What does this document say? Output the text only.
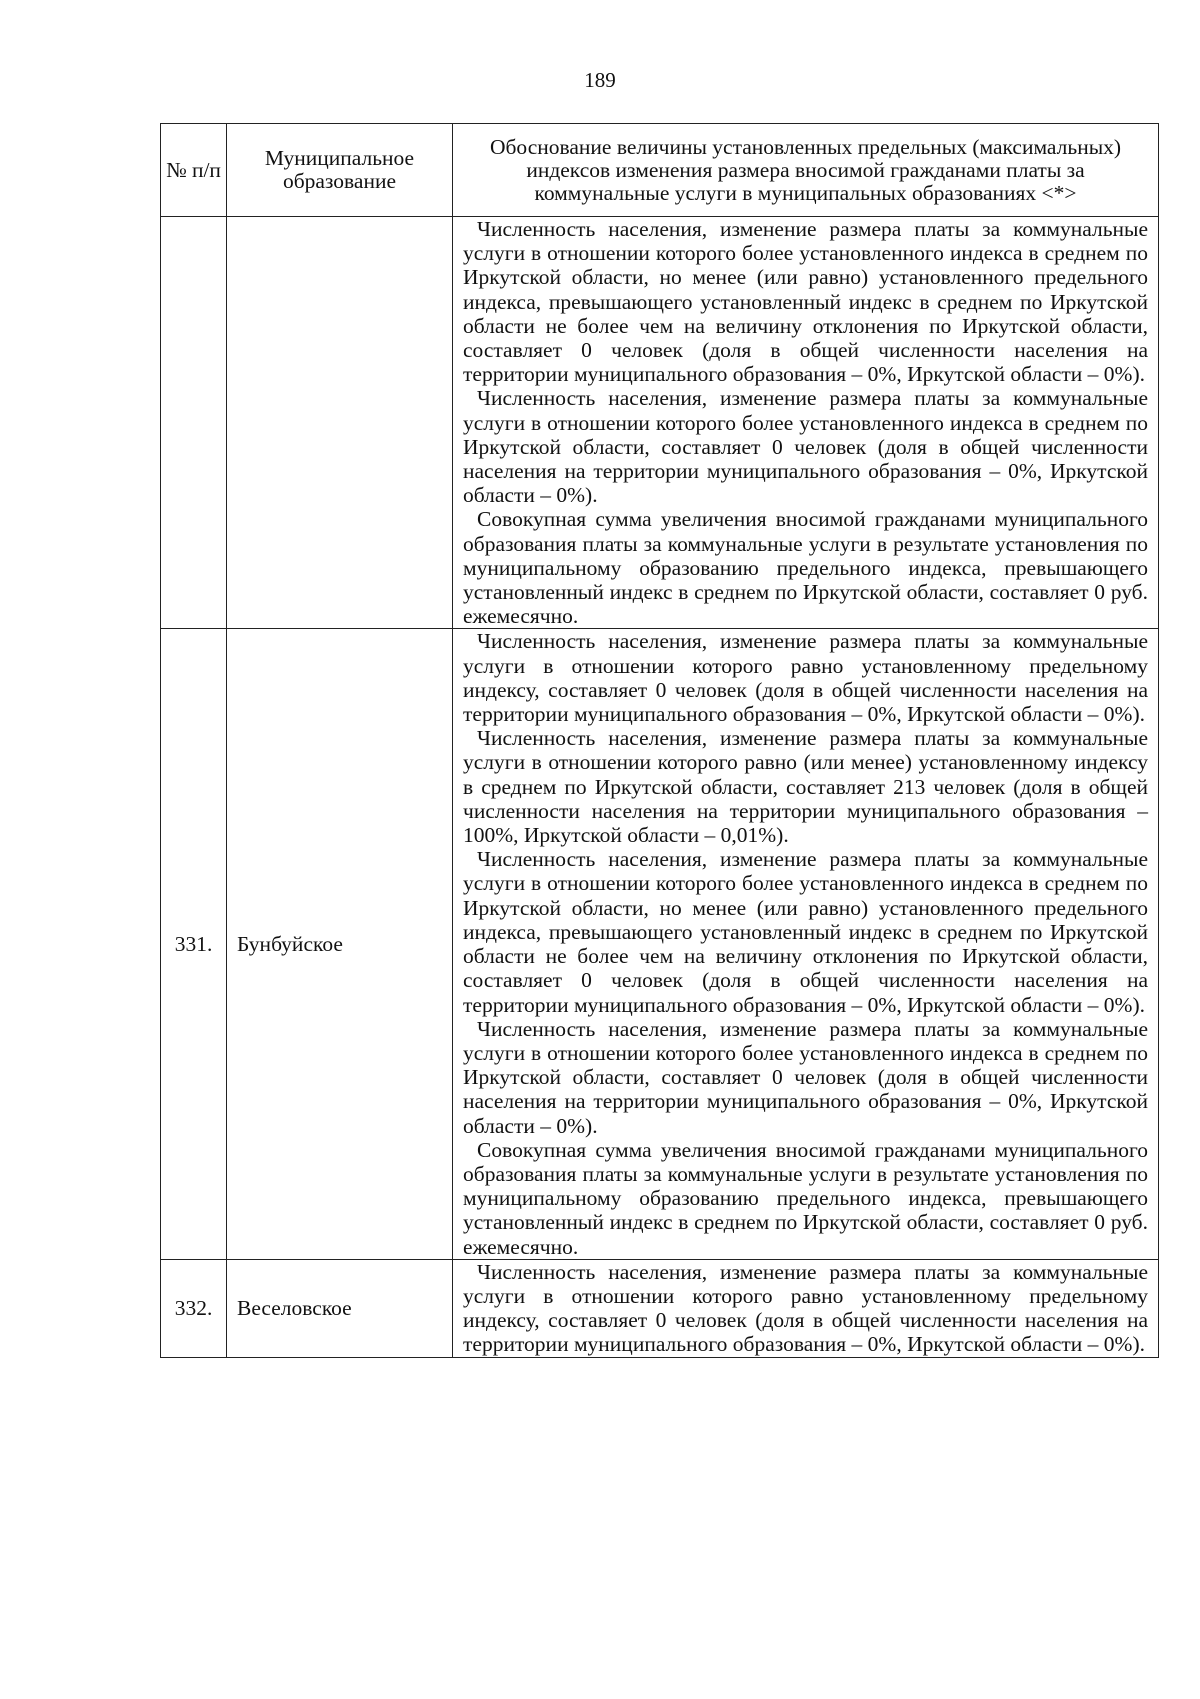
189
№ п/п	Муниципальное образование	Обоснование величины установленных предельных (максимальных) индексов изменения размера вносимой гражданами платы за коммунальные услуги в муниципальных образованиях <*>

		Численность населения, изменение размера платы за коммунальные услуги в отношении которого более установленного индекса в среднем по Иркутской области, но менее (или равно) установленного предельного индекса, превышающего установленный индекс в среднем по Иркутской области не более чем на величину отклонения по Иркутской области, составляет 0 человек (доля в общей численности населения на территории муниципального образования – 0%, Иркутской области – 0%).

Численность населения, изменение размера платы за коммунальные услуги в отношении которого более установленного индекса в среднем по Иркутской области, составляет 0 человек (доля в общей численности населения на территории муниципального образования – 0%, Иркутской области – 0%).

Совокупная сумма увеличения вносимой гражданами муниципального образования платы за коммунальные услуги в результате установления по муниципальному образованию предельного индекса, превышающего установленный индекс в среднем по Иркутской области, составляет 0 руб. ежемесячно.

331.	Бунбуйское	Численность населения, изменение размера платы за коммунальные услуги в отношении которого равно установленному предельному индексу, составляет 0 человек (доля в общей численности населения на территории муниципального образования – 0%, Иркутской области – 0%).

Численность населения, изменение размера платы за коммунальные услуги в отношении которого равно (или менее) установленному индексу в среднем по Иркутской области, составляет 213 человек (доля в общей численности населения на территории муниципального образования – 100%, Иркутской области – 0,01%).

Численность населения, изменение размера платы за коммунальные услуги в отношении которого более установленного индекса в среднем по Иркутской области, но менее (или равно) установленного предельного индекса, превышающего установленный индекс в среднем по Иркутской области не более чем на величину отклонения по Иркутской области, составляет 0 человек (доля в общей численности населения на территории муниципального образования – 0%, Иркутской области – 0%).

Численность населения, изменение размера платы за коммунальные услуги в отношении которого более установленного индекса в среднем по Иркутской области, составляет 0 человек (доля в общей численности населения на территории муниципального образования – 0%, Иркутской области – 0%).

Совокупная сумма увеличения вносимой гражданами муниципального образования платы за коммунальные услуги в результате установления по муниципальному образованию предельного индекса, превышающего установленный индекс в среднем по Иркутской области, составляет 0 руб. ежемесячно.

332.	Веселовское	Численность населения, изменение размера платы за коммунальные услуги в отношении которого равно установленному предельному индексу, составляет 0 человек (доля в общей численности населения на территории муниципального образования – 0%, Иркутской области – 0%).
